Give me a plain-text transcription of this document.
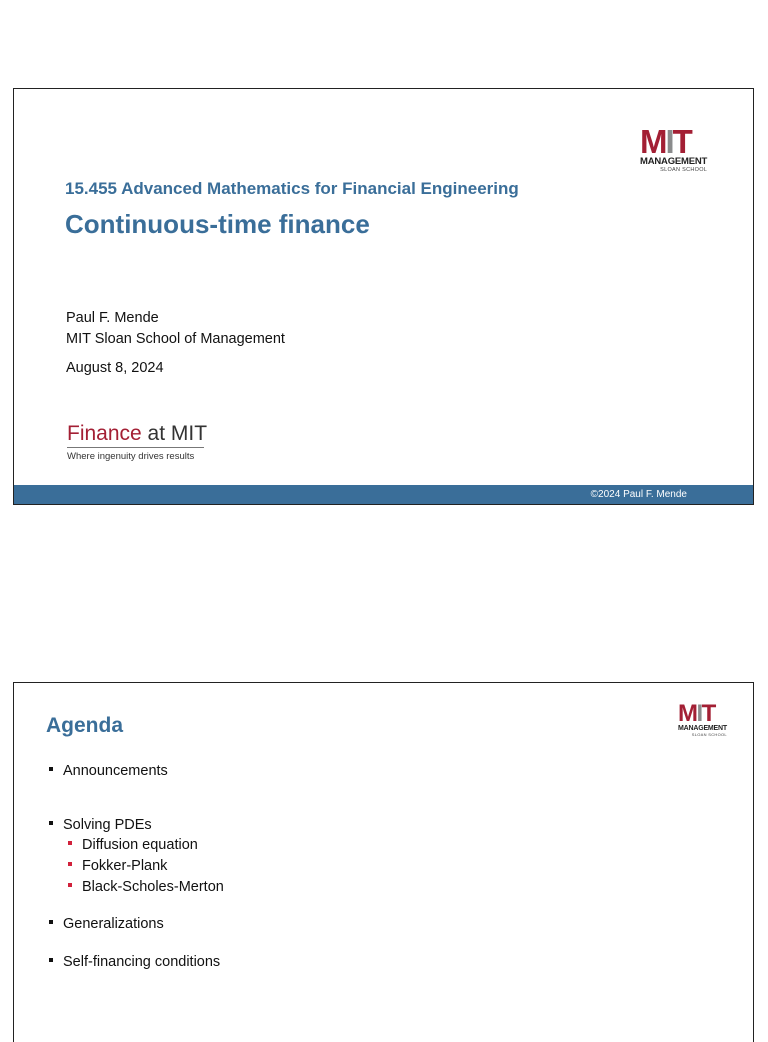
M I T
MANAGEMENT
SLOAN SCHOOL
15.455 Advanced Mathematics for Financial Engineering
Continuous-time finance
Paul F. Mende
MIT Sloan School of Management
August 8, 2024
Finance at MIT
Where ingenuity drives results
©2024 Paul F. Mende
M I T
MANAGEMENT
SLOAN SCHOOL
Agenda
Announcements
Solving PDEs
Diffusion equation
Fokker-Plank
Black-Scholes-Merton
Generalizations
Self-financing conditions
